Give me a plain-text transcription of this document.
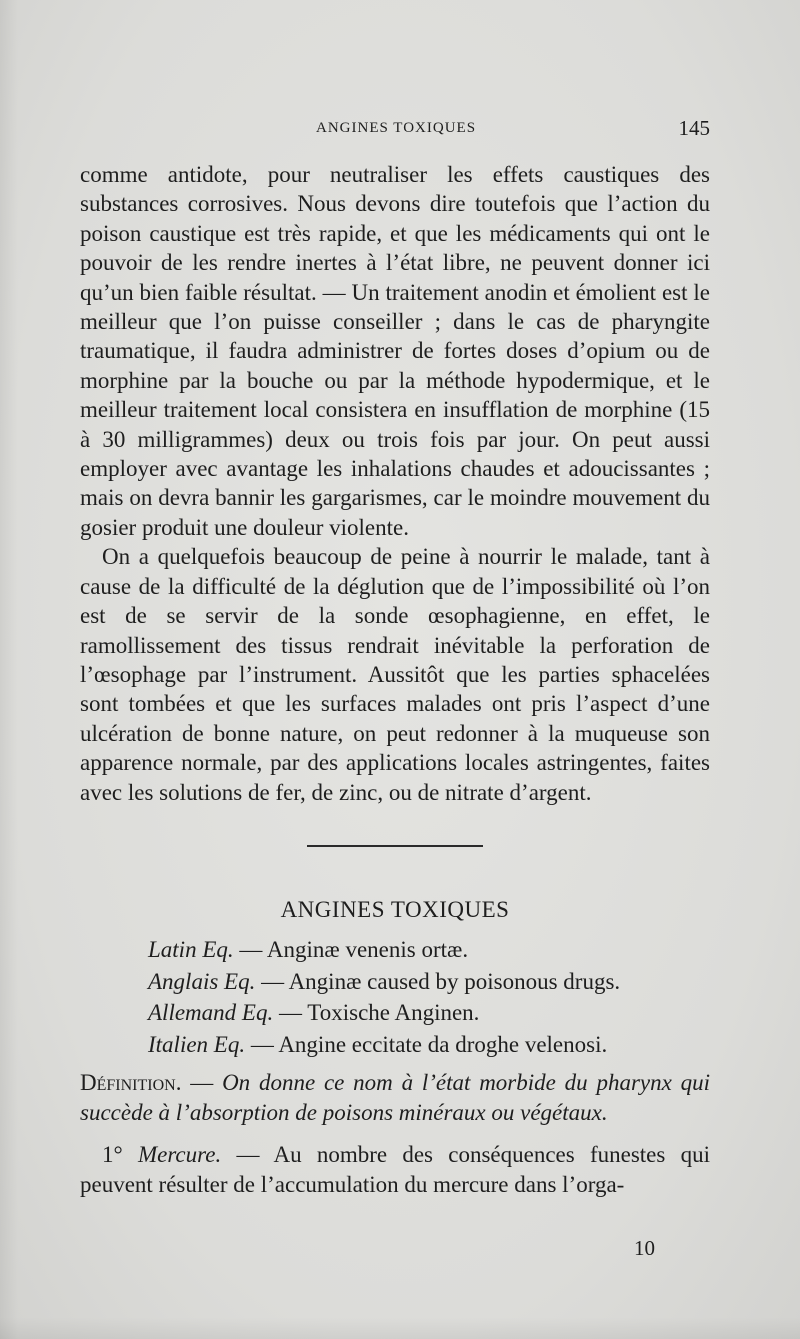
ANGINES TOXIQUES	145

comme antidote, pour neutraliser les effets caustiques des substances corrosives. Nous devons dire toutefois que l’action du poison caustique est très rapide, et que les médicaments qui ont le pouvoir de les rendre inertes à l’état libre, ne peuvent donner ici qu’un bien faible résultat. — Un traitement anodin et émolient est le meilleur que l’on puisse conseiller ; dans le cas de pharyngite traumatique, il faudra administrer de fortes doses d’opium ou de morphine par la bouche ou par la méthode hypodermique, et le meilleur traitement local consistera en insufflation de morphine (15 à 30 milligrammes) deux ou trois fois par jour. On peut aussi employer avec avantage les inhalations chaudes et adoucissantes ; mais on devra bannir les gargarismes, car le moindre mouvement du gosier produit une douleur violente.

On a quelquefois beaucoup de peine à nourrir le malade, tant à cause de la difficulté de la déglution que de l’impossibilité où l’on est de se servir de la sonde œsophagienne, en effet, le ramollissement des tissus rendrait inévitable la perforation de l’œsophage par l’instrument. Aussitôt que les parties sphacelées sont tombées et que les surfaces malades ont pris l’aspect d’une ulcération de bonne nature, on peut redonner à la muqueuse son apparence normale, par des applications locales astringentes, faites avec les solutions de fer, de zinc, ou de nitrate d’argent.

ANGINES TOXIQUES

Latin Eq. — Anginæ venenis ortæ.

Anglais Eq. — Anginæ caused by poisonous drugs.

Allemand Eq. — Toxische Anginen.

Italien Eq. — Angine eccitate da droghe velenosi.

Définition. — On donne ce nom à l’état morbide du pharynx qui succède à l’absorption de poisons minéraux ou végétaux.

1° Mercure. — Au nombre des conséquences funestes qui peuvent résulter de l’accumulation du mercure dans l’orga-

10
